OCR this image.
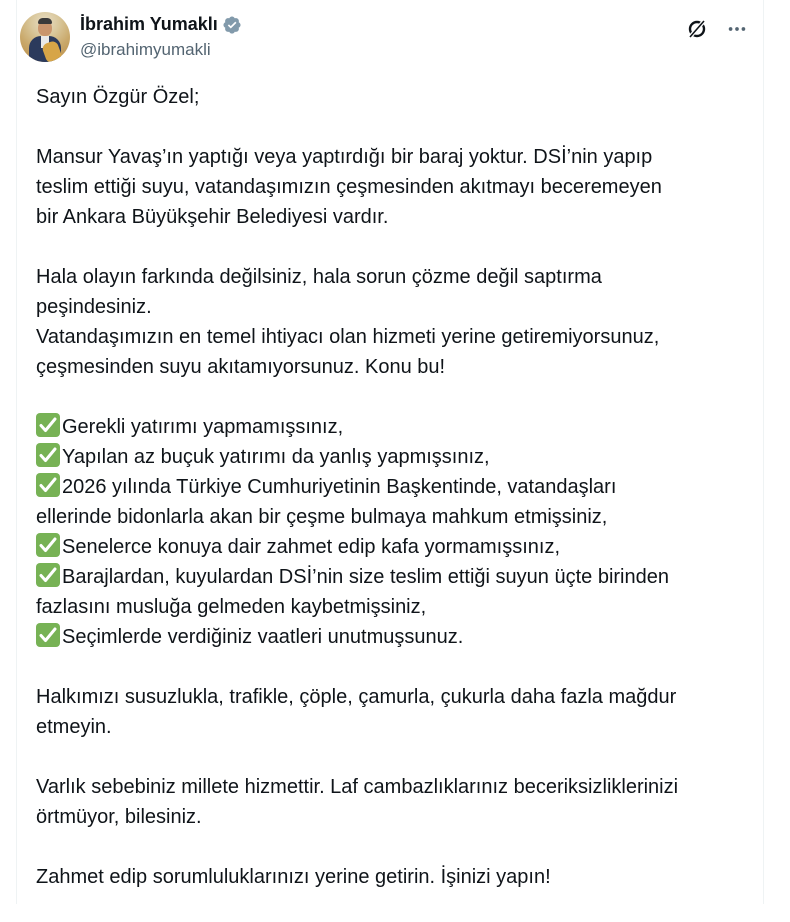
İbrahim Yumaklı
@ibrahimyumakli

Sayın Özgür Özel;

Mansur Yavaş’ın yaptığı veya yaptırdığı bir baraj yoktur. DSİ’nin yapıp
teslim ettiği suyu, vatandaşımızın çeşmesinden akıtmayı beceremeyen
bir Ankara Büyükşehir Belediyesi vardır.

Hala olayın farkında değilsiniz, hala sorun çözme değil saptırma
peşindesiniz.
Vatandaşımızın en temel ihtiyacı olan hizmeti yerine getiremiyorsunuz,
çeşmesinden suyu akıtamıyorsunuz. Konu bu!

Gerekli yatırımı yapmamışsınız,
Yapılan az buçuk yatırımı da yanlış yapmışsınız,
2026 yılında Türkiye Cumhuriyetinin Başkentinde, vatandaşları
ellerinde bidonlarla akan bir çeşme bulmaya mahkum etmişsiniz,
Senelerce konuya dair zahmet edip kafa yormamışsınız,
Barajlardan, kuyulardan DSİ’nin size teslim ettiği suyun üçte birinden
fazlasını musluğa gelmeden kaybetmişsiniz,
Seçimlerde verdiğiniz vaatleri unutmuşsunuz.

Halkımızı susuzlukla, trafikle, çöple, çamurla, çukurla daha fazla mağdur
etmeyin.

Varlık sebebiniz millete hizmettir. Laf cambazlıklarınız beceriksizliklerinizi
örtmüyor, bilesiniz.

Zahmet edip sorumluluklarınızı yerine getirin. İşinizi yapın!
